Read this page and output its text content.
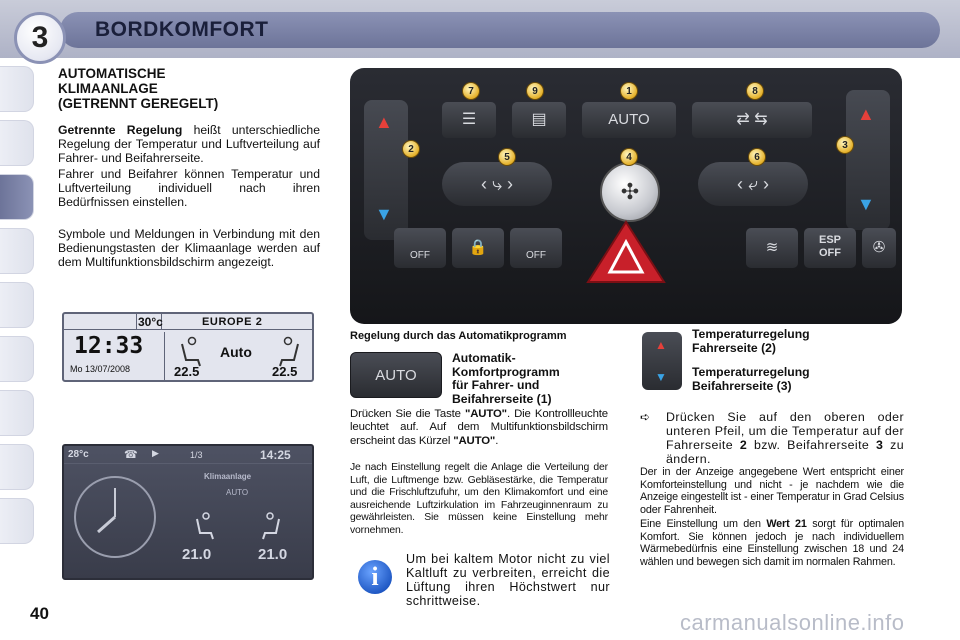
3	BORDKOMFORT
AUTOMATISCHE
KLIMAANLAGE
(GETRENNT GEREGELT)

Getrennte Regelung heißt unterschiedliche Regelung der Temperatur und Luftverteilung auf Fahrer- und Beifahrerseite.

Fahrer und Beifahrer können Temperatur und Luftverteilung individuell nach ihren Bedürfnissen einstellen.

Symbole und Meldungen in Verbindung mit den Bedienungstasten der Klimaanlage werden auf dem Multifunktionsbildschirm angezeigt.

30°c	EUROPE 2
12:33
Mo 13/07/2008
Auto
22.5	22.5
28°c	☎ ▶	1/3	14:25
Klimaanlage
AUTO
21.0	21.0
▲
▼
▲
▼
☰	▤	AUTO	⇄ ⇆
‹ ⤷ ›	‹ ⤶ ›
✣
OFF	🔒	OFF	≋	ESP
OFF	✇
7	9	1	8
2
5	4	6
3
Regelung durch das Automatikprogramm
AUTO
Automatik-
Komfortprogramm
für Fahrer- und
Beifahrerseite (1)

Drücken Sie die Taste "AUTO". Die Kontrollleuchte leuchtet auf. Auf dem Multifunktionsbildschirm erscheint das Kürzel "AUTO".

Je nach Einstellung regelt die Anlage die Verteilung der Luft, die Luftmenge bzw. Gebläsestärke, die Temperatur und die Frischluftzufuhr, um den Klimakomfort und eine ausreichende Luftzirkulation im Fahrzeuginnenraum zu gewährleisten. Sie müssen keine Einstellung mehr vornehmen.

i

Um bei kaltem Motor nicht zu viel Kaltluft zu verbreiten, erreicht die Lüftung ihren Höchstwert nur schrittweise.

▲
▼
Temperaturregelung
Fahrerseite (2)
Temperaturregelung
Beifahrerseite (3)
➪ Drücken Sie auf den oberen oder unteren Pfeil, um die Temperatur auf der Fahrerseite 2 bzw. Beifahrerseite 3 zu ändern.

Der in der Anzeige angegebene Wert entspricht einer Komforteinstellung und nicht - je nachdem wie die Anzeige eingestellt ist - einer Temperatur in Grad Celsius oder Fahrenheit.

Eine Einstellung um den Wert 21 sorgt für optimalen Komfort. Sie können jedoch je nach individuellem Wärmebedürfnis eine Einstellung zwischen 18 und 24 wählen und bewegen sich damit im normalen Rahmen.

40	carmanualsonline.info
